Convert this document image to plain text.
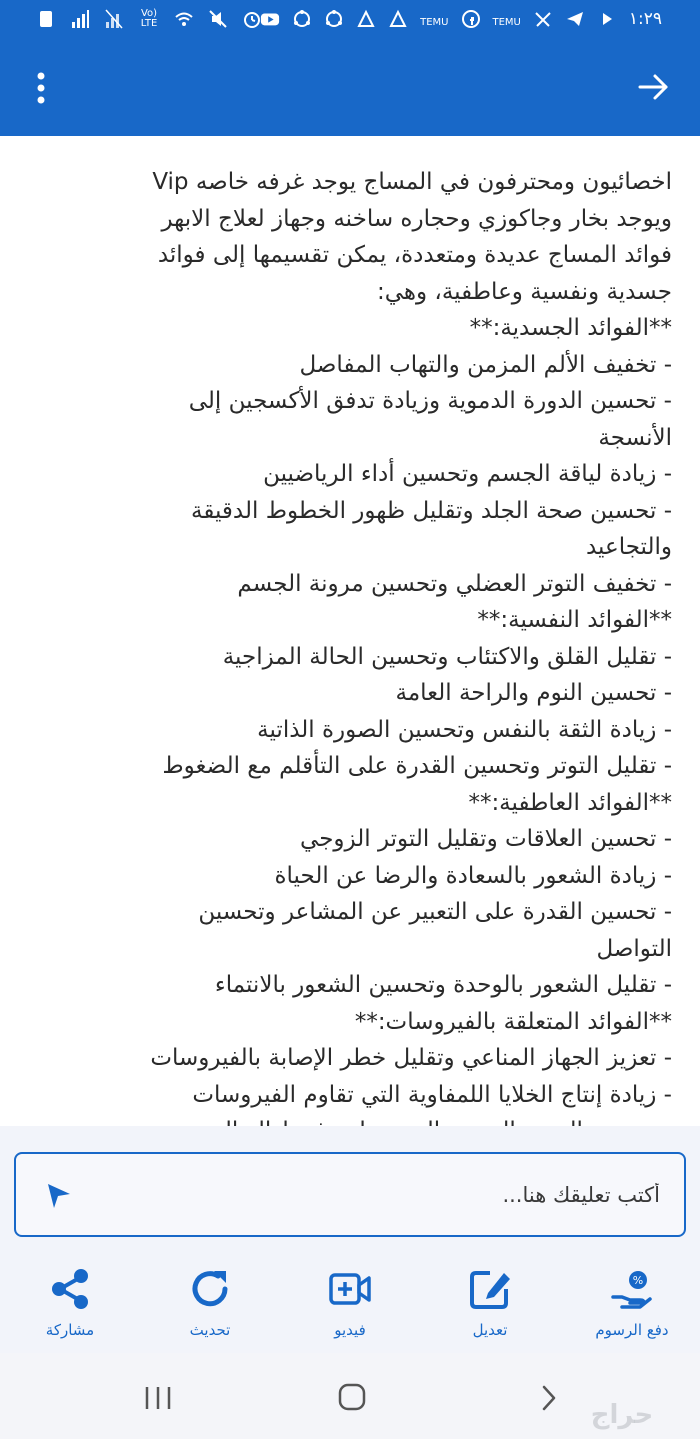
Vo) LTE	TEMU	TEMU	١:٢٩
اخصائيون ومحترفون في المساج يوجد غرفه خاصه Vip
ويوجد بخار وجاكوزي وحجاره ساخنه وجهاز لعلاج الابهر
فوائد المساج عديدة ومتعددة، يمكن تقسيمها إلى فوائد
جسدية ونفسية وعاطفية، وهي:
**الفوائد الجسدية:**
- تخفيف الألم المزمن والتهاب المفاصل
- تحسين الدورة الدموية وزيادة تدفق الأكسجين إلى
الأنسجة
- زيادة لياقة الجسم وتحسين أداء الرياضيين
- تحسين صحة الجلد وتقليل ظهور الخطوط الدقيقة
والتجاعيد
- تخفيف التوتر العضلي وتحسين مرونة الجسم
**الفوائد النفسية:**
- تقليل القلق والاكتئاب وتحسين الحالة المزاجية
- تحسين النوم والراحة العامة
- زيادة الثقة بالنفس وتحسين الصورة الذاتية
- تقليل التوتر وتحسين القدرة على التأقلم مع الضغوط
**الفوائد العاطفية:**
- تحسين العلاقات وتقليل التوتر الزوجي
- زيادة الشعور بالسعادة والرضا عن الحياة
- تحسين القدرة على التعبير عن المشاعر وتحسين
التواصل
- تقليل الشعور بالوحدة وتحسين الشعور بالانتماء
**الفوائد المتعلقة بالفيروسات:**
- تعزيز الجهاز المناعي وتقليل خطر الإصابة بالفيروسات
- زيادة إنتاج الخلايا اللمفاوية التي تقاوم الفيروسات
أكتب تعليقك هنا...
%
دفع الرسوم
تعديل
فيديو
تحديث
مشاركة
حراج
